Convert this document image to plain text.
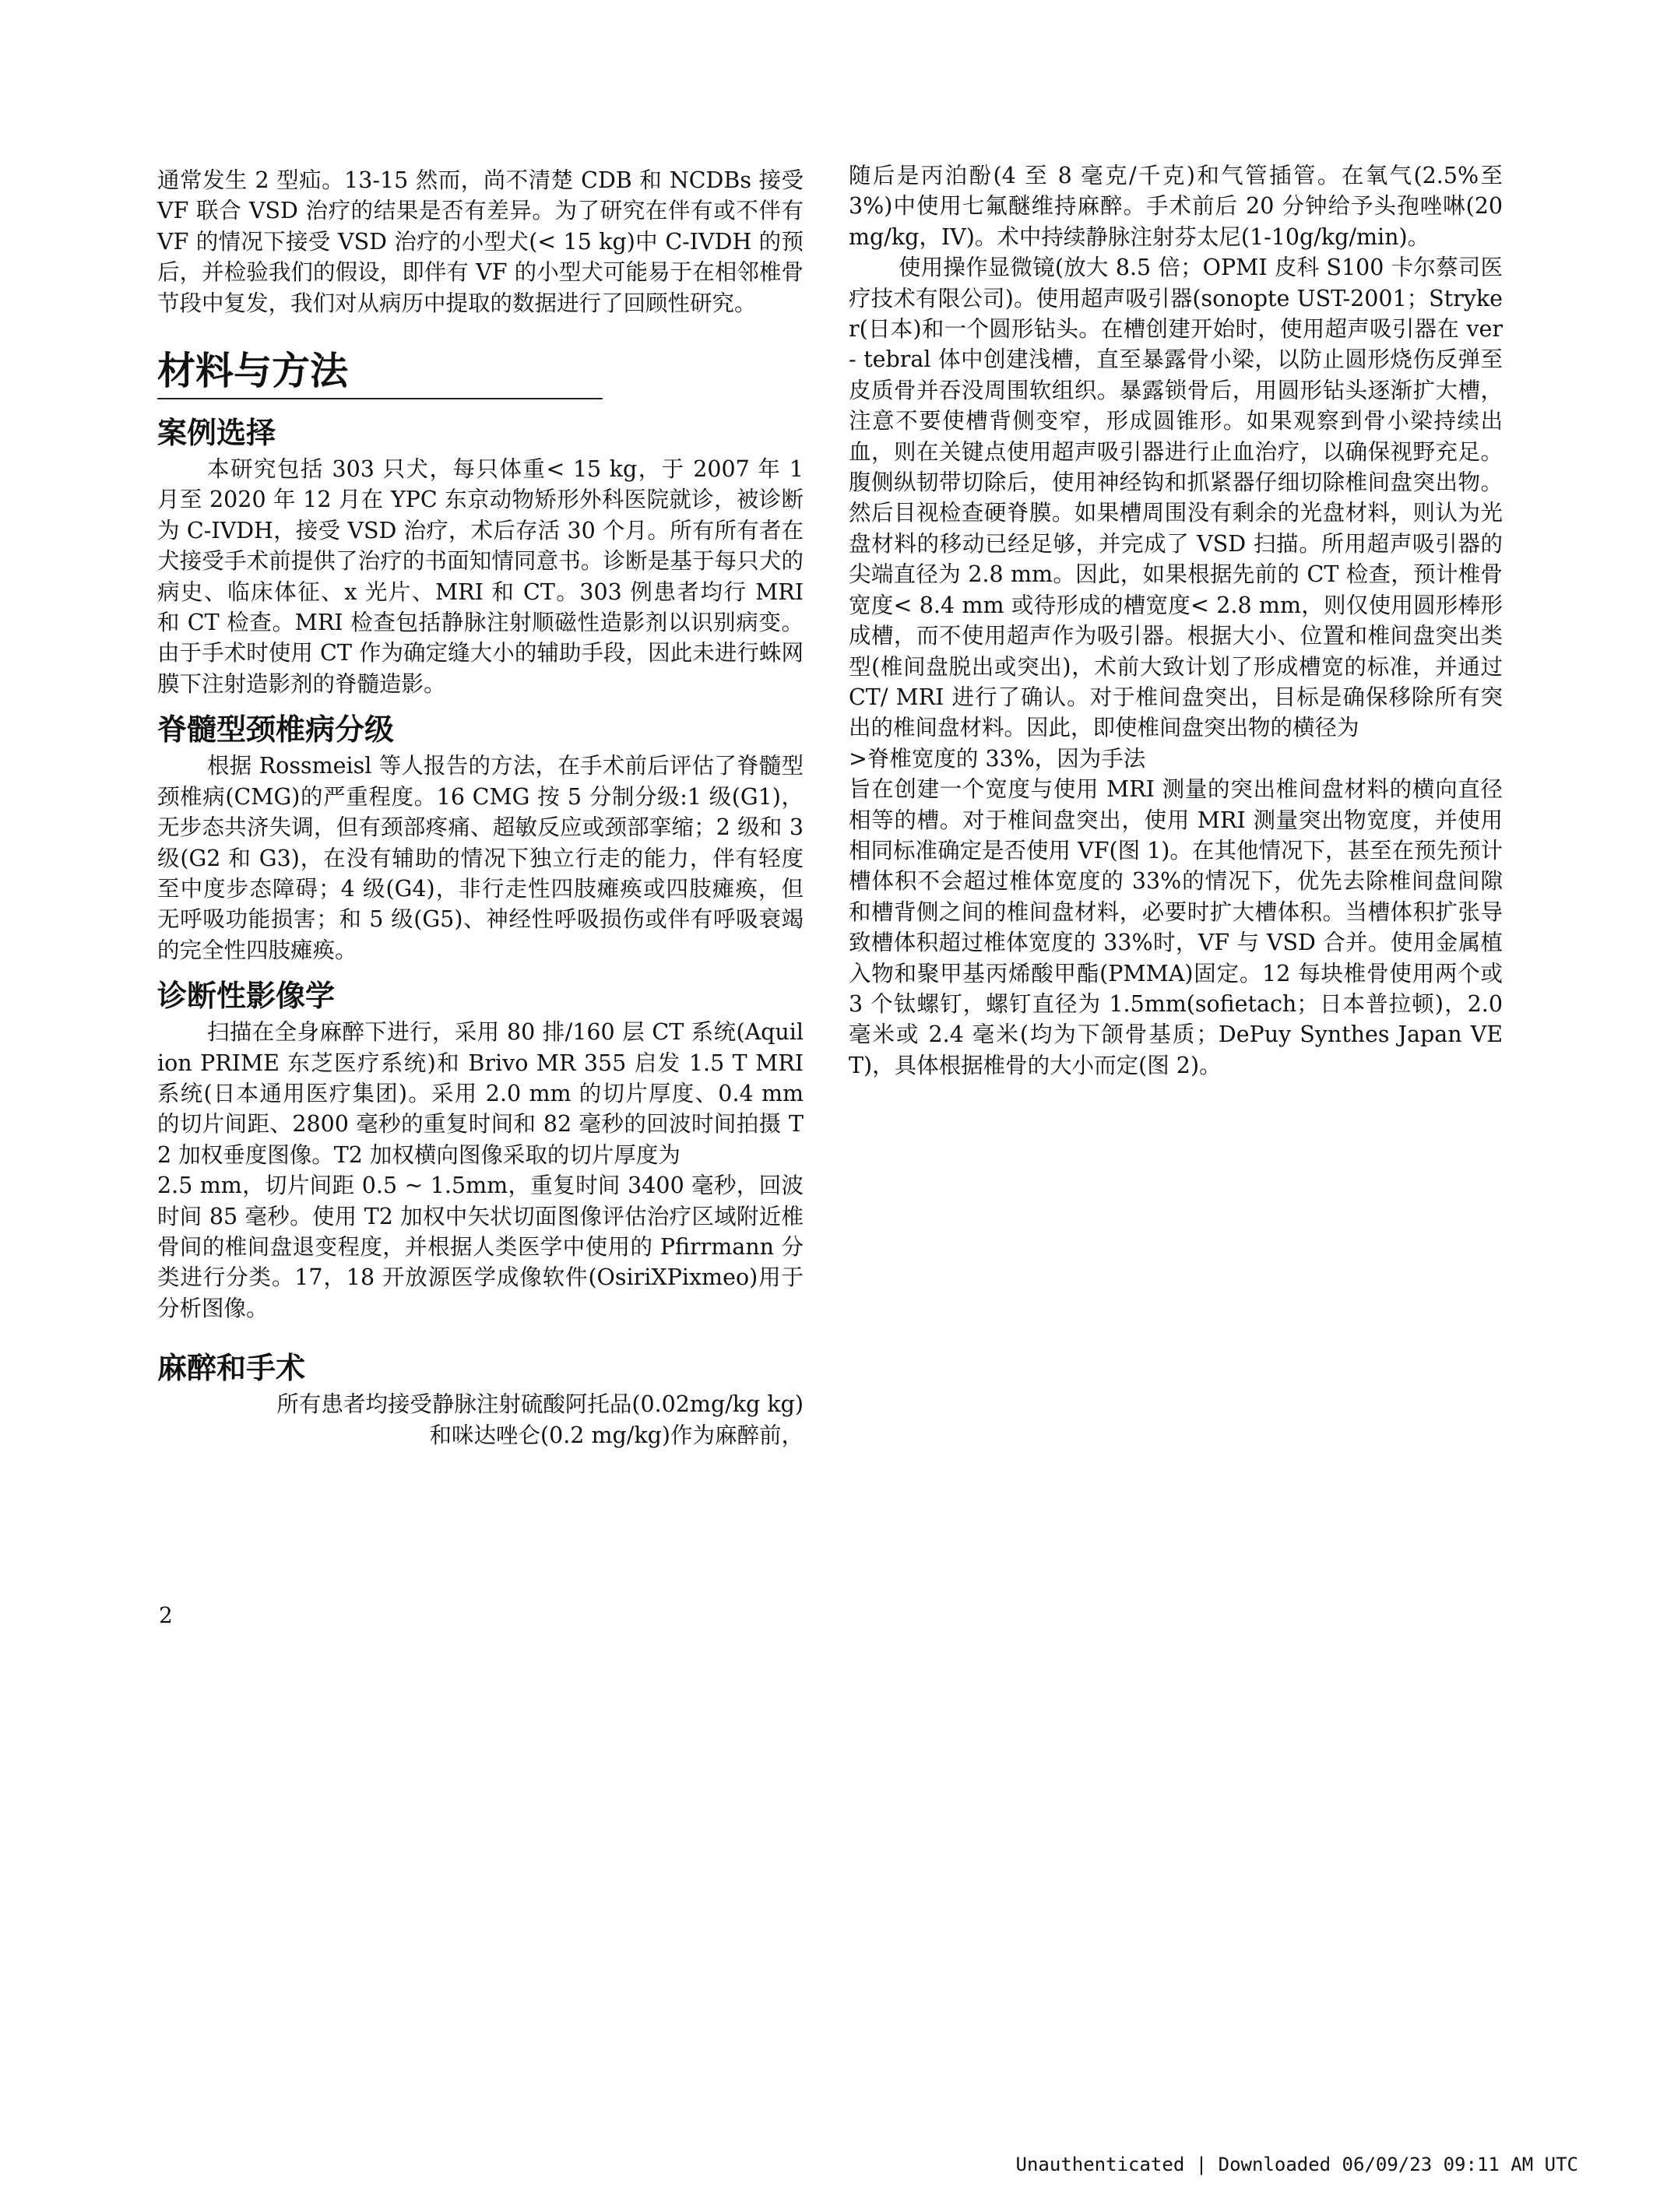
通常发生 2 型疝。13-15 然而，尚不清楚 CDB 和 NCDBs 接受 VF 联合 VSD 治疗的结果是否有差异。为了研究在伴有或不伴有 VF 的情况下接受 VSD 治疗的小型犬(< 15 kg)中 C-IVDH 的预后，并检验我们的假设，即伴有 VF 的小型犬可能易于在相邻椎骨节段中复发，我们对从病历中提取的数据进行了回顾性研究。

材料与方法
案例选择

本研究包括 303 只犬，每只体重< 15 kg，于 2007 年 1 月至 2020 年 12 月在 YPC 东京动物矫形外科医院就诊，被诊断为 C-IVDH，接受 VSD 治疗，术后存活 30 个月。所有所有者在犬接受手术前提供了治疗的书面知情同意书。诊断是基于每只犬的病史、临床体征、x 光片、MRI 和 CT。303 例患者均行 MRI 和 CT 检查。MRI 检查包括静脉注射顺磁性造影剂以识别病变。由于手术时使用 CT 作为确定缝大小的辅助手段，因此未进行蛛网膜下注射造影剂的脊髓造影。

脊髓型颈椎病分级

根据 Rossmeisl 等人报告的方法，在手术前后评估了脊髓型颈椎病(CMG)的严重程度。16 CMG 按 5 分制分级:1 级(G1)，无步态共济失调，但有颈部疼痛、超敏反应或颈部挛缩；2 级和 3 级(G2 和 G3)，在没有辅助的情况下独立行走的能力，伴有轻度至中度步态障碍；4 级(G4)，非行走性四肢瘫痪或四肢瘫痪，但无呼吸功能损害；和 5 级(G5)、神经性呼吸损伤或伴有呼吸衰竭的完全性四肢瘫痪。

诊断性影像学

扫描在全身麻醉下进行，采用 80 排/160 层 CT 系统(Aquilion PRIME 东芝医疗系统)和 Brivo MR 355 启发 1.5 T MRI 系统(日本通用医疗集团)。采用 2.0 mm 的切片厚度、0.4 mm 的切片间距、2800 毫秒的重复时间和 82 毫秒的回波时间拍摄 T2 加权垂度图像。T2 加权横向图像采取的切片厚度为

2.5 mm，切片间距 0.5 ~ 1.5mm，重复时间 3400 毫秒，回波时间 85 毫秒。使用 T2 加权中矢状切面图像评估治疗区域附近椎骨间的椎间盘退变程度，并根据人类医学中使用的 Pfirrmann 分类进行分类。17，18 开放源医学成像软件(OsiriXPixmeo)用于分析图像。

麻醉和手术

所有患者均接受静脉注射硫酸阿托品(0.02mg/kg kg)和咪达唑仑(0.2 mg/kg)作为麻醉前，

随后是丙泊酚(4 至 8 毫克/千克)和气管插管。在氧气(2.5%至 3%)中使用七氟醚维持麻醉。手术前后 20 分钟给予头孢唑啉(20 mg/kg，IV)。术中持续静脉注射芬太尼(1-10g/kg/min)。

使用操作显微镜(放大 8.5 倍；OPMI 皮科 S100 卡尔蔡司医疗技术有限公司)。使用超声吸引器(sonopte UST-2001；Stryker(日本)和一个圆形钻头。在槽创建开始时，使用超声吸引器在 ver- tebral 体中创建浅槽，直至暴露骨小梁，以防止圆形烧伤反弹至皮质骨并吞没周围软组织。暴露锁骨后，用圆形钻头逐渐扩大槽，注意不要使槽背侧变窄，形成圆锥形。如果观察到骨小梁持续出血，则在关键点使用超声吸引器进行止血治疗，以确保视野充足。腹侧纵韧带切除后，使用神经钩和抓紧器仔细切除椎间盘突出物。然后目视检查硬脊膜。如果槽周围没有剩余的光盘材料，则认为光盘材料的移动已经足够，并完成了 VSD 扫描。所用超声吸引器的尖端直径为 2.8 mm。因此，如果根据先前的 CT 检查，预计椎骨宽度< 8.4 mm 或待形成的槽宽度< 2.8 mm，则仅使用圆形棒形成槽，而不使用超声作为吸引器。根据大小、位置和椎间盘突出类型(椎间盘脱出或突出)，术前大致计划了形成槽宽的标准，并通过 CT/ MRI 进行了确认。对于椎间盘突出，目标是确保移除所有突出的椎间盘材料。因此，即使椎间盘突出物的横径为

>脊椎宽度的 33%，因为手法

旨在创建一个宽度与使用 MRI 测量的突出椎间盘材料的横向直径相等的槽。对于椎间盘突出，使用 MRI 测量突出物宽度，并使用相同标准确定是否使用 VF(图 1)。在其他情况下，甚至在预先预计槽体积不会超过椎体宽度的 33%的情况下，优先去除椎间盘间隙和槽背侧之间的椎间盘材料，必要时扩大槽体积。当槽体积扩张导致槽体积超过椎体宽度的 33%时，VF 与 VSD 合并。使用金属植入物和聚甲基丙烯酸甲酯(PMMA)固定。12 每块椎骨使用两个或 3 个钛螺钉，螺钉直径为 1.5mm(sofietach；日本普拉顿)，2.0 毫米或 2.4 毫米(均为下颌骨基质；DePuy Synthes Japan VET)，具体根据椎骨的大小而定(图 2)。

2
Unauthenticated | Downloaded 06/09/23 09:11 AM UTC
